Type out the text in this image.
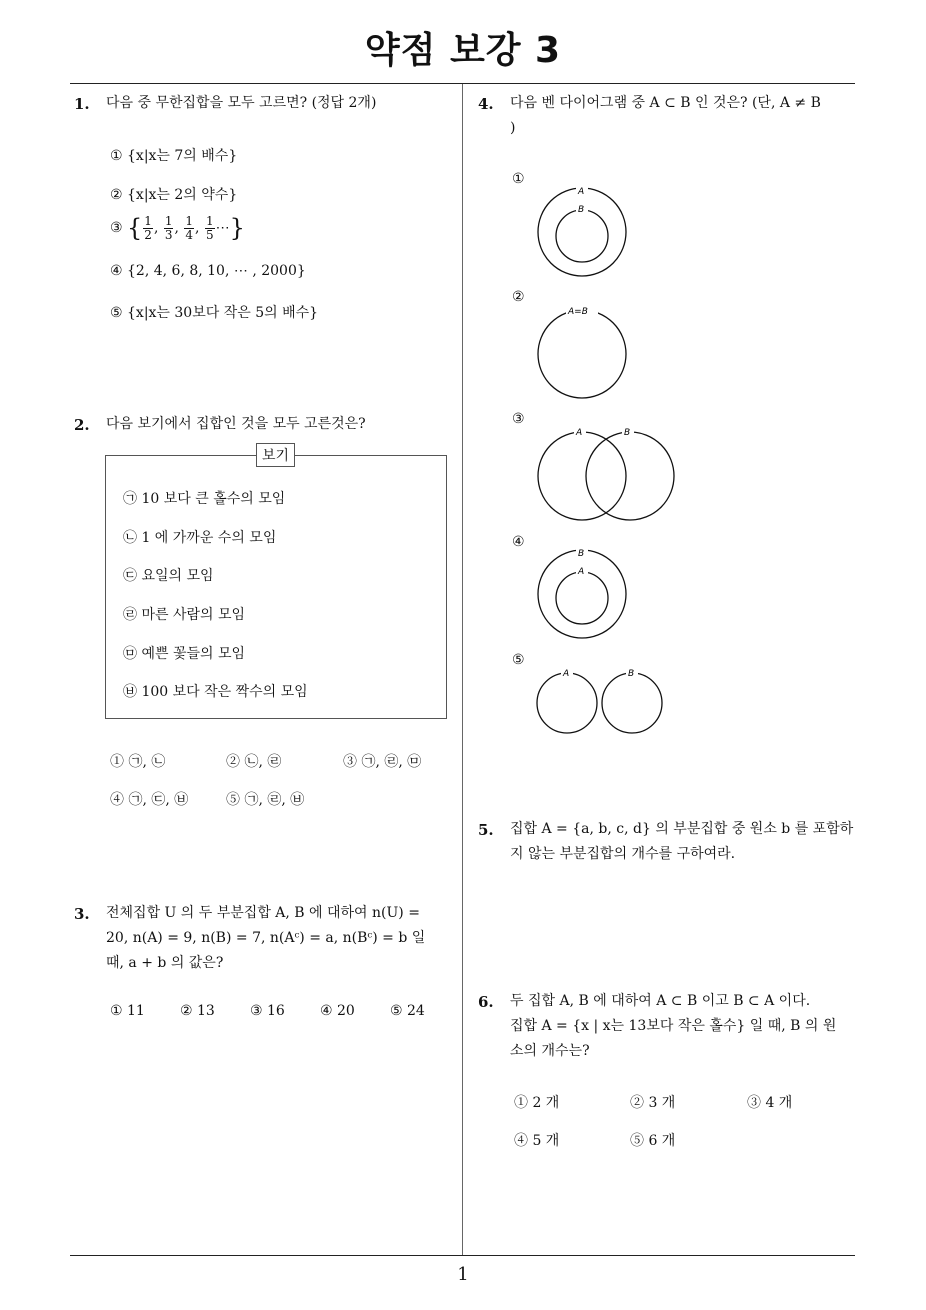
약점 보강 3
1
1. 다음 중 무한집합을 모두 고르면? (정답 2개)
① {x|x는 7의 배수}
② {x|x는 2의 약수}
③ { $\frac{1}{2}$ , $\frac{1}{3}$ , $\frac{1}{4}$ , $\frac{1}{5}$ ⋯}
④ {2, 4, 6, 8, 10, ⋯ , 2000}
⑤ {x|x는 30보다 작은 5의 배수}
2. 다음 보기에서 집합인 것을 모두 고른것은?
보기
㉠ 10 보다 큰 홀수의 모임
㉡ 1 에 가까운 수의 모임
㉢ 요일의 모임
㉣ 마른 사람의 모임
㉤ 예쁜 꽃들의 모임
㉥ 100 보다 작은 짝수의 모임
① ㉠, ㉡	② ㉡, ㉣	③ ㉠, ㉣, ㉤
④ ㉠, ㉢, ㉥	⑤ ㉠, ㉣, ㉥
3. 전체집합 U 의 두 부분집합 A, B 에 대하여 n(U) =
20, n(A) = 9, n(B) = 7, n(Aᶜ) = a, n(Bᶜ) = b 일
때, a + b 의 값은?
① 11	② 13	③ 16	④ 20	⑤ 24
4. 다음 벤 다이어그램 중 A ⊂ B 인 것은? (단, A ≠ B
)
①
A
B
②
A=B
③
A	B
④
B
A
⑤
A	B
5. 집합 A = {a, b, c, d} 의 부분집합 중 원소 b 를 포함하
지 않는 부분집합의 개수를 구하여라.
6. 두 집합 A, B 에 대하여 A ⊂ B 이고 B ⊂ A 이다.
집합 A = {x | x는 13보다 작은 홀수} 일 때, B 의 원
소의 개수는?
① 2 개	② 3 개	③ 4 개
④ 5 개	⑤ 6 개
